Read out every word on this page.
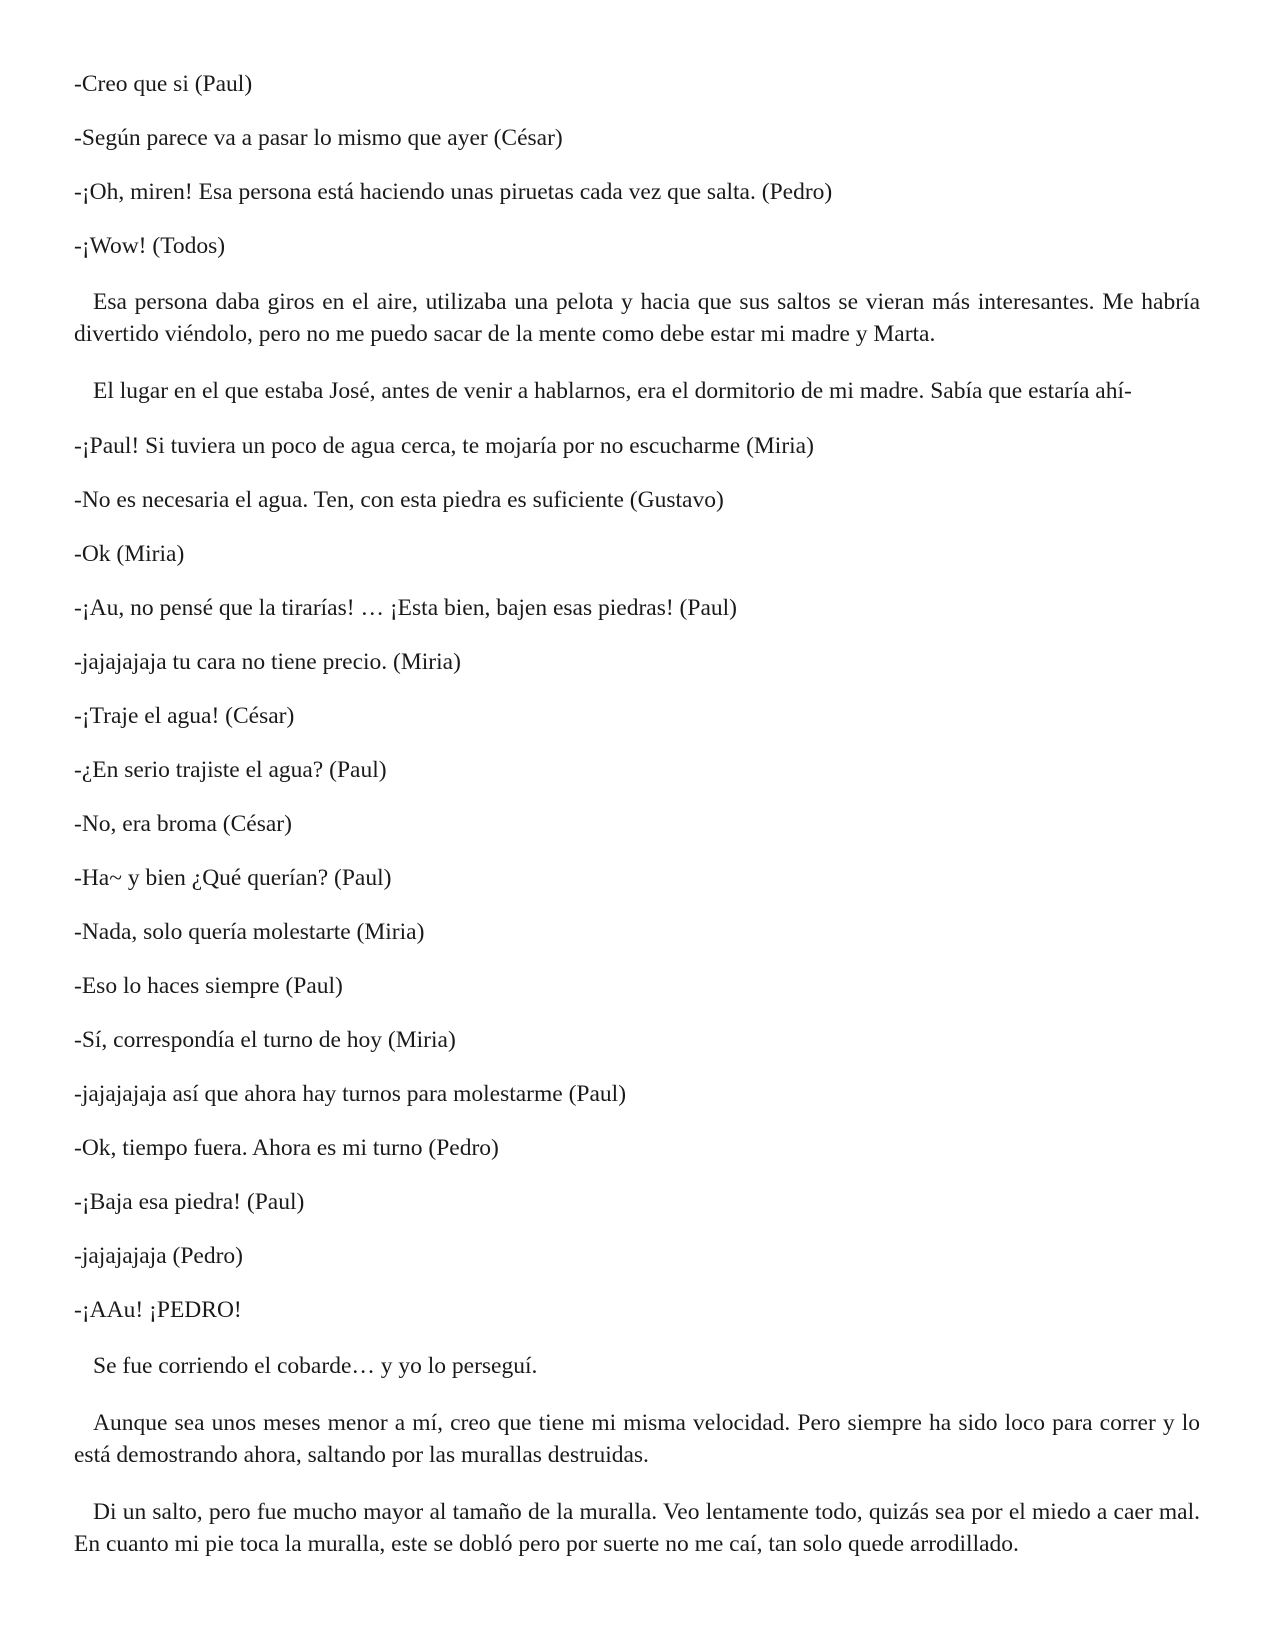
-Creo que si (Paul)

-Según parece va a pasar lo mismo que ayer (César)

-¡Oh, miren! Esa persona está haciendo unas piruetas cada vez que salta. (Pedro)

-¡Wow! (Todos)

Esa persona daba giros en el aire, utilizaba una pelota y hacia que sus saltos se vieran más interesantes. Me habría divertido viéndolo, pero no me puedo sacar de la mente como debe estar mi madre y Marta.

El lugar en el que estaba José, antes de venir a hablarnos, era el dormitorio de mi madre. Sabía que estaría ahí-

-¡Paul! Si tuviera un poco de agua cerca, te mojaría por no escucharme (Miria)

-No es necesaria el agua. Ten, con esta piedra es suficiente (Gustavo)

-Ok (Miria)

-¡Au, no pensé que la tirarías! … ¡Esta bien, bajen esas piedras! (Paul)

-jajajajaja tu cara no tiene precio. (Miria)

-¡Traje el agua! (César)

-¿En serio trajiste el agua? (Paul)

-No, era broma (César)

-Ha~ y bien ¿Qué querían? (Paul)

-Nada, solo quería molestarte (Miria)

-Eso lo haces siempre (Paul)

-Sí, correspondía el turno de hoy (Miria)

-jajajajaja así que ahora hay turnos para molestarme (Paul)

-Ok, tiempo fuera. Ahora es mi turno (Pedro)

-¡Baja esa piedra! (Paul)

-jajajajaja (Pedro)

-¡AAu! ¡PEDRO!

Se fue corriendo el cobarde… y yo lo perseguí.

Aunque sea unos meses menor a mí, creo que tiene mi misma velocidad. Pero siempre ha sido loco para correr y lo está demostrando ahora, saltando por las murallas destruidas.

Di un salto, pero fue mucho mayor al tamaño de la muralla. Veo lentamente todo, quizás sea por el miedo a caer mal. En cuanto mi pie toca la muralla, este se dobló pero por suerte no me caí, tan solo quede arrodillado.
